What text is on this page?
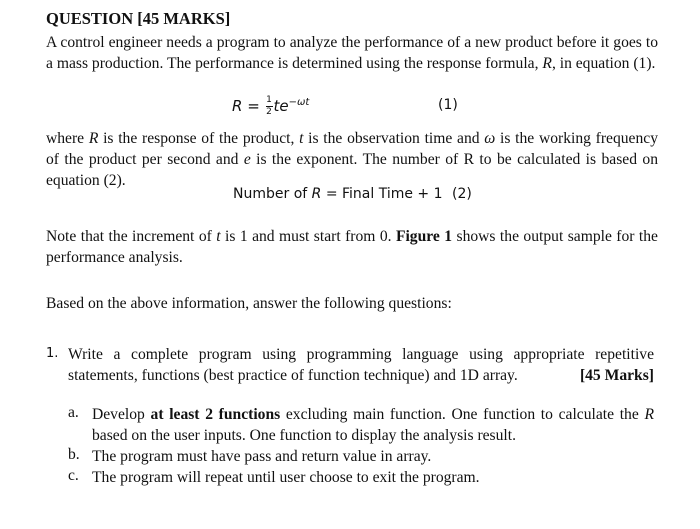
QUESTION [45 MARKS]
A control engineer needs a program to analyze the performance of a new product before it goes to a mass production. The performance is determined using the response formula, R, in equation (1).
$R = \frac{1}{2} te^{-\omega t}$	(1)
where R is the response of the product, t is the observation time and ω is the working frequency of the product per second and e is the exponent. The number of R to be calculated is based on equation (2).
Number of R = Final Time + 1 (2)
Note that the increment of t is 1 and must start from 0. Figure 1 shows the output sample for the performance analysis.
Based on the above information, answer the following questions:
1. Write a complete program using programming language using appropriate repetitive statements, functions (best practice of function technique) and 1D array.	[45 Marks]
a. Develop at least 2 functions excluding main function. One function to calculate the R based on the user inputs. One function to display the analysis result.
b. The program must have pass and return value in array.
c. The program will repeat until user choose to exit the program.
